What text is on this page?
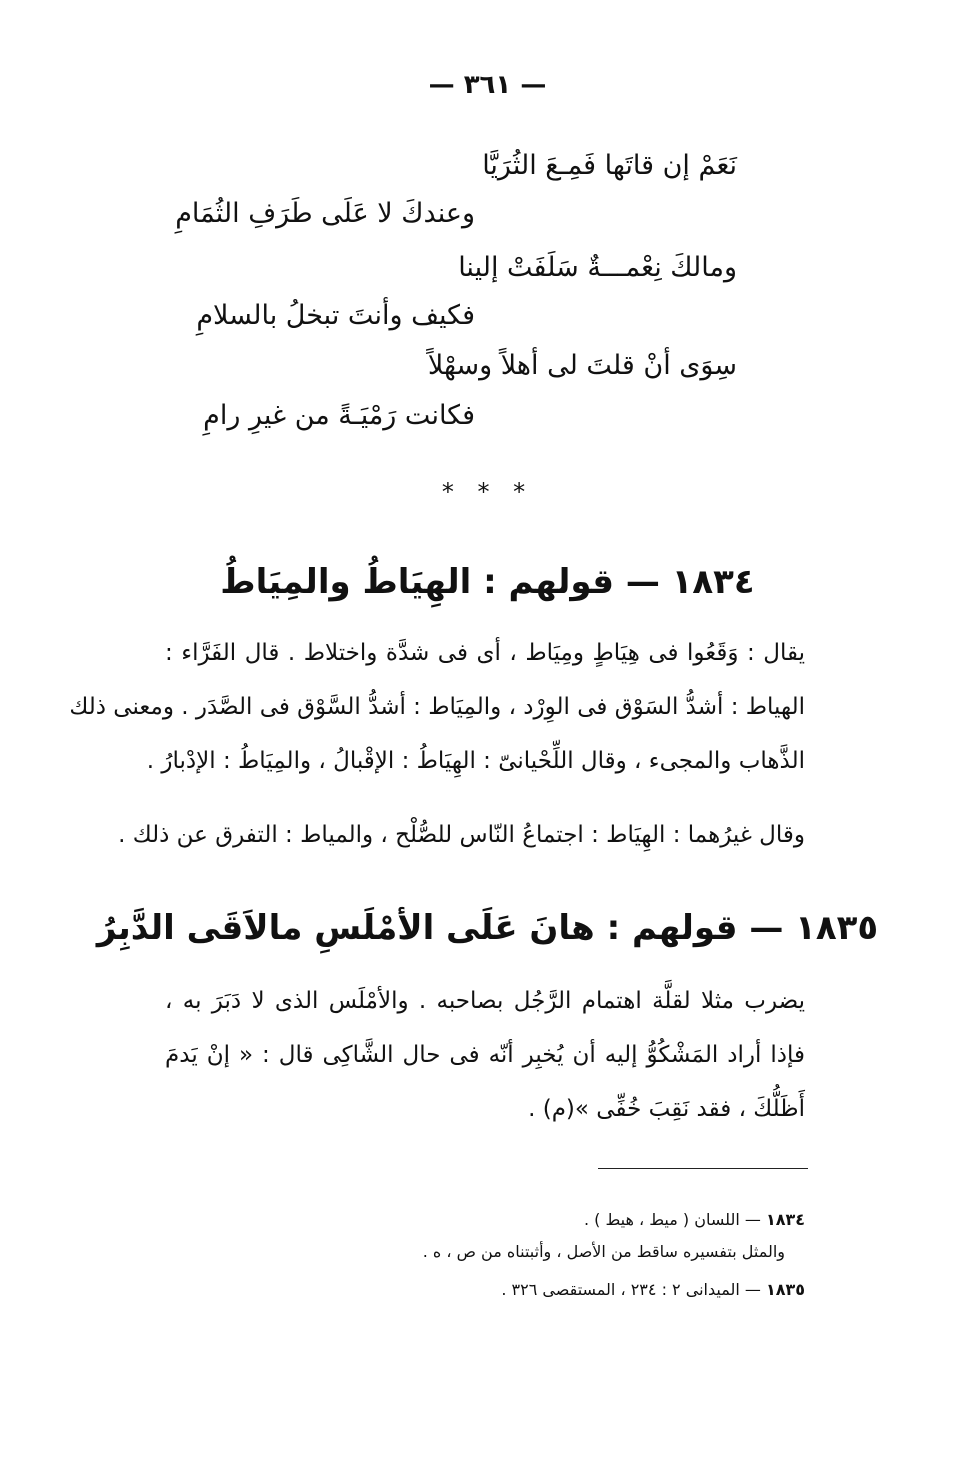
— ٣٦١ —
نَعَمْ إن قاتَها فَمِـعَ الثُرَيَّا
وعندكَ لا عَلَى طَرَفِ الثُمَامِ
ومالكَ نِعْمـــةٌ سَلَفَتْ إلينا
فكيف وأنتَ تبخلُ بالسلامِ
سِوَى أنْ قلتَ لى أهلاً وسهْلاً
فكانت رَمْيَـةً من غيرِ رامِ
* * *
١٨٣٤ — قولهم : الهِيَاطُ والمِيَاطُ
يقال : وَقَعُوا فى هِيَاطٍ ومِيَاط ، أى فى شدَّة واختلاط . قال الفَرَّاء :
الهياط : أشدُّ السَوْق فى الوِرْد ، والمِيَاط : أشدُّ السَّوْق فى الصَّدَر . ومعنى ذلك
الذَّهاب والمجىء ، وقال اللِّحْيانىّ : الهِيَاطُ : الإقْبالُ ، والمِيَاطُ : الإدْبارُ .
وقال غيرُهما : الهِيَاط : اجتماعُ النّاس للصُّلْح ، والمياط : التفرق عن ذلك .
١٨٣٥ — قولهم : هانَ عَلَى الأمْلَسِ مالاَقَى الدَّبِرُ
يضرب مثلا لقلَّة اهتمام الرَّجُل بصاحبه . والأمْلَس الذى لا دَبَرَ به ،
فإذا أراد المَشْكُوُّ إليه أن يُخبِر أنّه فى حال الشَّاكِى قال : « إنْ يَدمَ
أَظَلُّكَ ، فقد نَقِبَ خُفِّى »(م) .
١٨٣٤ — اللسان ( ميط ، هيط ) .
والمثل بتفسيره ساقط من الأصل ، وأثبتناه من ص ، ه .
١٨٣٥ — الميدانى ٢ : ٢٣٤ ، المستقصى ٣٢٦ .
